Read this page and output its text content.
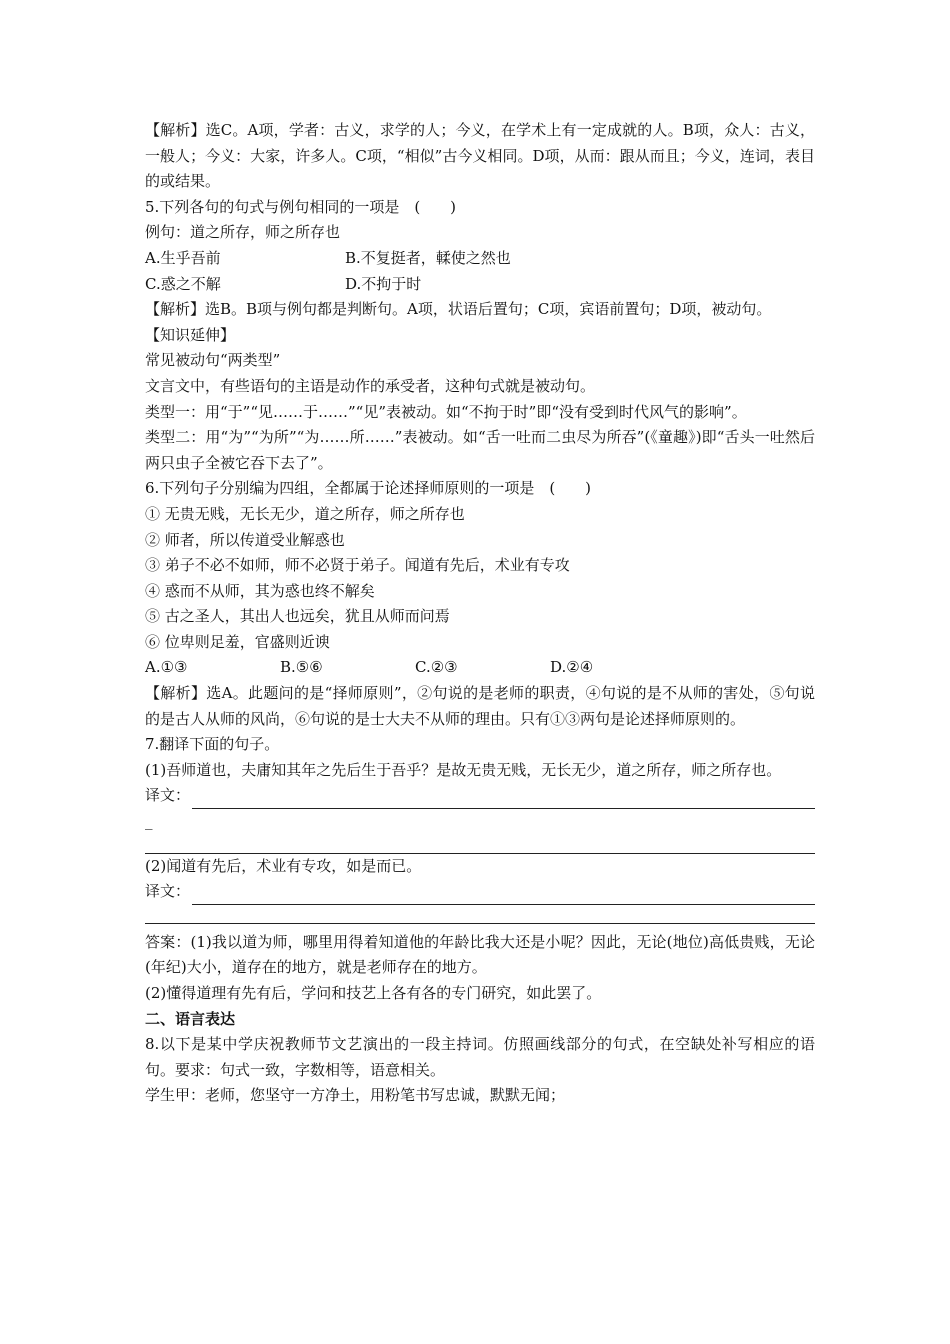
【解析】选C。A项，学者：古义，求学的人；今义，在学术上有一定成就的人。B项，众人：古义，一般人；今义：大家，许多人。C项，“相似”古今义相同。D项，从而：跟从而且；今义，连词，表目的或结果。

5.下列各句的句式与例句相同的一项是　(　　)

例句：道之所存，师之所存也

A.生乎吾前	B.不复挺者，輮使之然也
C.惑之不解	D.不拘于时

【解析】选B。B项与例句都是判断句。A项，状语后置句；C项，宾语前置句；D项，被动句。

【知识延伸】

常见被动句“两类型”

文言文中，有些语句的主语是动作的承受者，这种句式就是被动句。

类型一：用“于”“见……于……”“见”表被动。如“不拘于时”即“没有受到时代风气的影响”。

类型二：用“为”“为所”“为……所……”表被动。如“舌一吐而二虫尽为所吞”(《童趣》)即“舌头一吐然后两只虫子全被它吞下去了”。

6.下列句子分别编为四组，全都属于论述择师原则的一项是　(　　)

① 无贵无贱，无长无少，道之所存，师之所存也

② 师者，所以传道受业解惑也

③ 弟子不必不如师，师不必贤于弟子。闻道有先后，术业有专攻

④ 惑而不从师，其为惑也终不解矣

⑤ 古之圣人，其出人也远矣，犹且从师而问焉

⑥ 位卑则足羞，官盛则近谀

A.①③	B.⑤⑥	C.②③	D.②④

【解析】选A。此题问的是“择师原则”，②句说的是老师的职责，④句说的是不从师的害处，⑤句说的是古人从师的风尚，⑥句说的是士大夫不从师的理由。只有①③两句是论述择师原则的。

7.翻译下面的句子。

(1)吾师道也，夫庸知其年之先后生于吾乎？是故无贵无贱，无长无少，道之所存，师之所存也。

译文：

_

(2)闻道有先后，术业有专攻，如是而已。

译文：

答案：(1)我以道为师，哪里用得着知道他的年龄比我大还是小呢？因此，无论(地位)高低贵贱，无论(年纪)大小，道存在的地方，就是老师存在的地方。

(2)懂得道理有先有后，学问和技艺上各有各的专门研究，如此罢了。

二、语言表达

8.以下是某中学庆祝教师节文艺演出的一段主持词。仿照画线部分的句式，在空缺处补写相应的语句。要求：句式一致，字数相等，语意相关。

学生甲：老师，您坚守一方净土，用粉笔书写忠诚，默默无闻；
